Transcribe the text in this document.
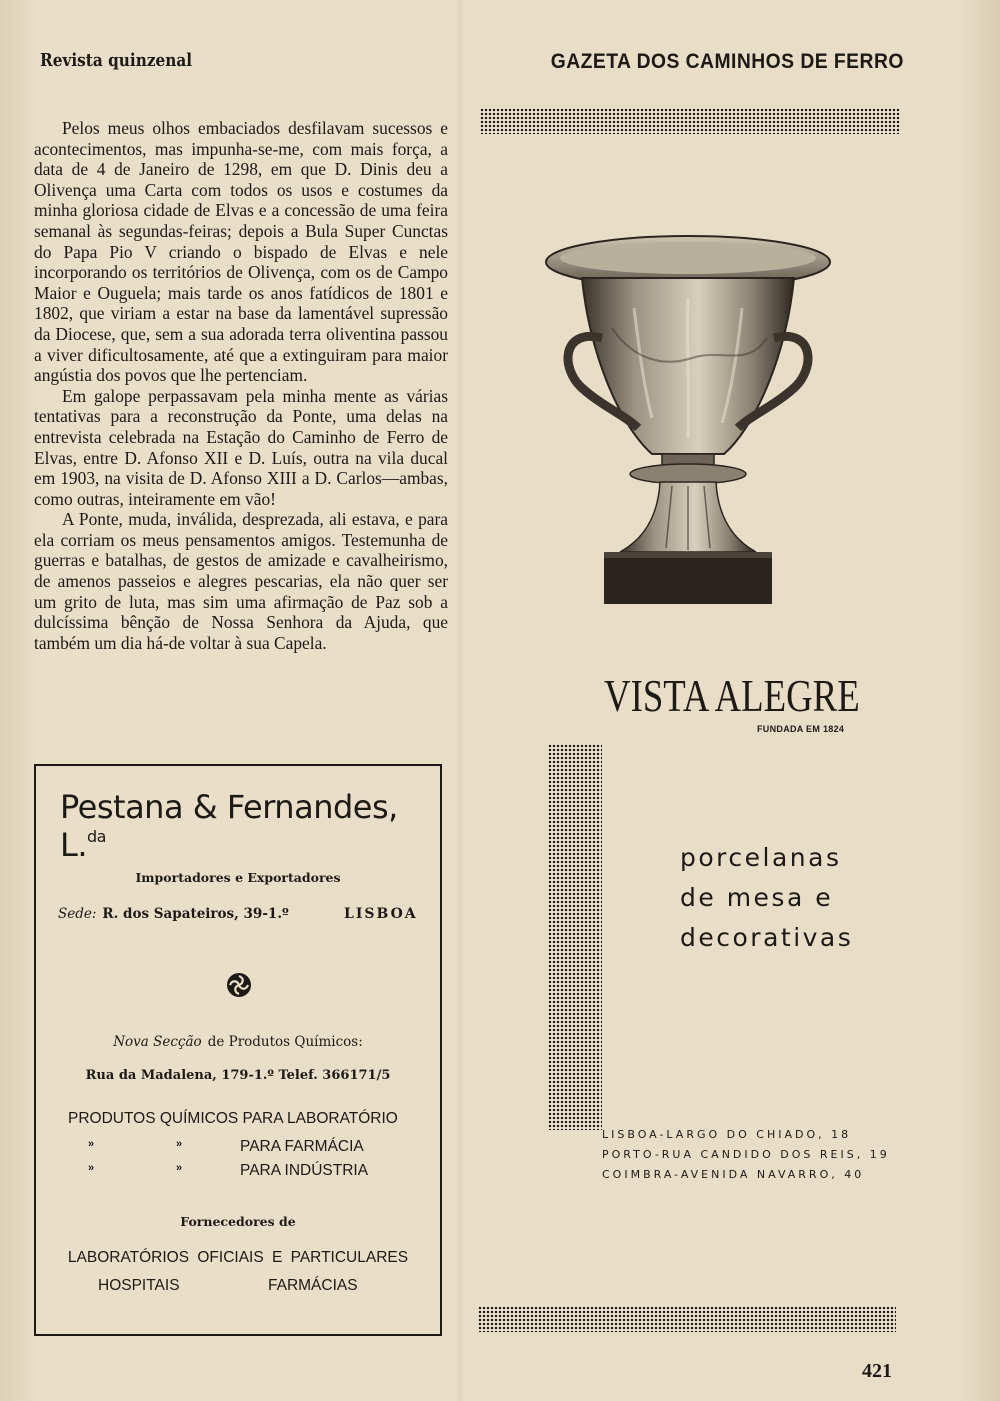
Revista quinzenal	GAZETA DOS CAMINHOS DE FERRO

Pelos meus olhos embaciados desfilavam sucessos e acontecimentos, mas impunha-se-me, com mais força, a data de 4 de Janeiro de 1298, em que D. Dinis deu a Olivença uma Carta com todos os usos e costumes da minha gloriosa cidade de Elvas e a concessão de uma feira semanal às segundas-feiras; depois a Bula Super Cunctas do Papa Pio V criando o bispado de Elvas e nele incorporando os territórios de Olivença, com os de Campo Maior e Ouguela; mais tarde os anos fatídicos de 1801 e 1802, que viriam a estar na base da lamentável supressão da Diocese, que, sem a sua adorada terra oliventina passou a viver dificultosamente, até que a extinguiram para maior angústia dos povos que lhe pertenciam.

Em galope perpassavam pela minha mente as várias tentativas para a reconstrução da Ponte, uma delas na entrevista celebrada na Estação do Caminho de Ferro de Elvas, entre D. Afonso XII e D. Luís, outra na vila ducal em 1903, na visita de D. Afonso XIII a D. Carlos—ambas, como outras, inteiramente em vão!

A Ponte, muda, inválida, desprezada, ali estava, e para ela corriam os meus pensamentos amigos. Testemunha de guerras e batalhas, de gestos de amizade e cavalheirismo, de amenos passeios e alegres pescarias, ela não quer ser um grito de luta, mas sim uma afirmação de Paz sob a dulcíssima bênção de Nossa Senhora da Ajuda, que também um dia há-de voltar à sua Capela.

Pestana & Fernandes, L.$^{da}$
Importadores e Exportadores
Sede: R. dos Sapateiros, 39-1.º	LISBOA
Nova Secção de Produtos Químicos:
Rua da Madalena, 179-1.º Telef. 366171/5
PRODUTOS QUÍMICOS PARA LABORATÓRIO
»	»	PARA FARMÁCIA
»	»	PARA INDÚSTRIA
Fornecedores de
LABORATÓRIOS OFICIAIS E PARTICULARES
HOSPITAIS	FARMÁCIAS
VISTA ALEGRE
FUNDADA EM 1824
porcelanas
de mesa e
decorativas
LISBOA-LARGO DO CHIADO, 18
PORTO-RUA CANDIDO DOS REIS, 19
COIMBRA-AVENIDA NAVARRO, 40
421
